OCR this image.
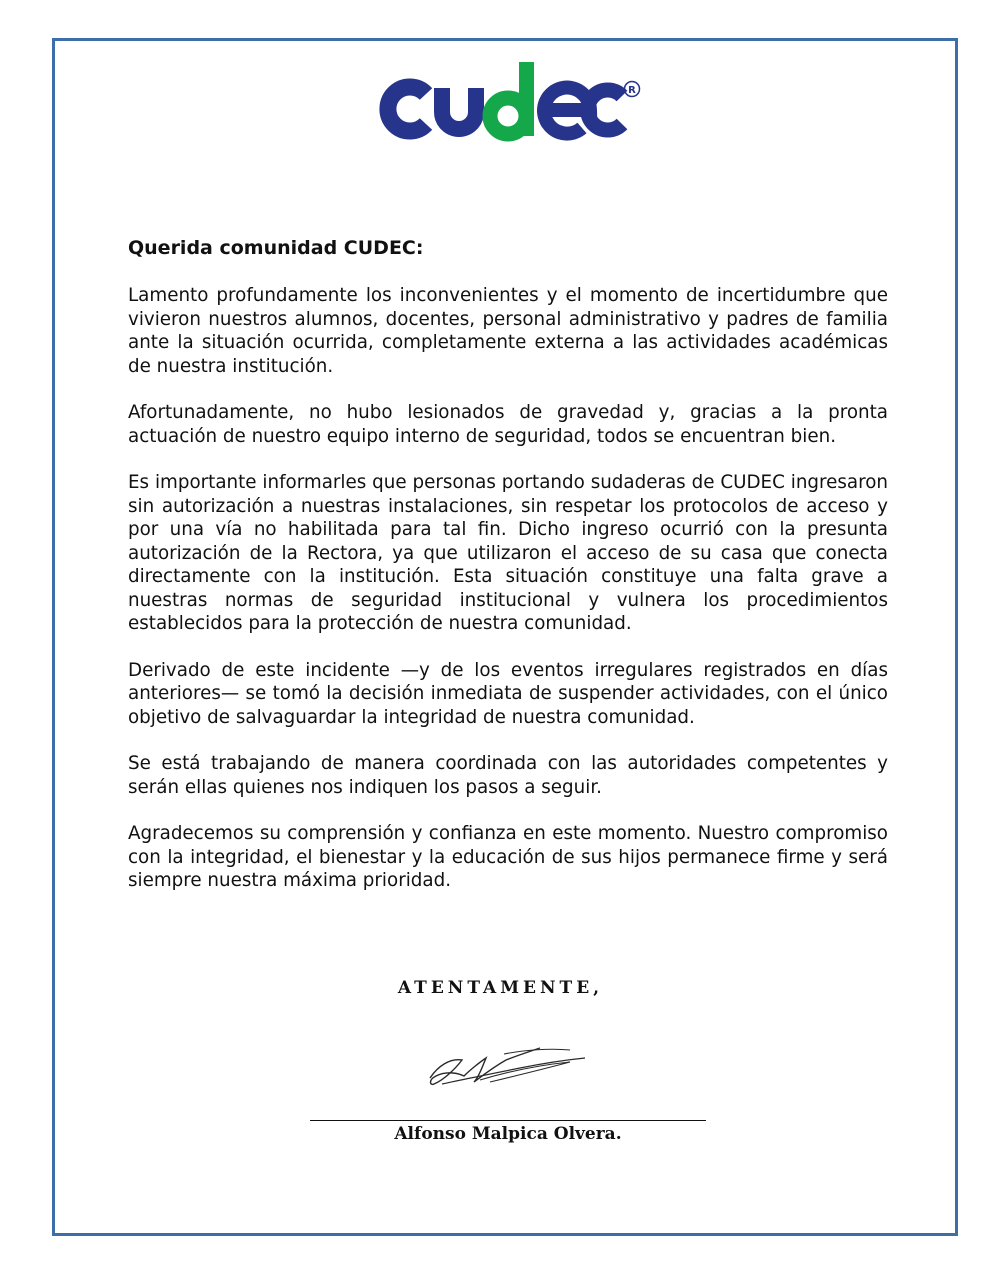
R

Querida comunidad CUDEC:

Lamento profundamente los inconvenientes y el momento de incertidumbre que vivieron nuestros alumnos, docentes, personal administrativo y padres de familia ante la situación ocurrida, completamente externa a las actividades académicas de nuestra institución.

Afortunadamente, no hubo lesionados de gravedad y, gracias a la pronta actuación de nuestro equipo interno de seguridad, todos se encuentran bien.

Es importante informarles que personas portando sudaderas de CUDEC ingresaron sin autorización a nuestras instalaciones, sin respetar los protocolos de acceso y por una vía no habilitada para tal fin. Dicho ingreso ocurrió con la presunta autorización de la Rectora, ya que utilizaron el acceso de su casa que conecta directamente con la institución. Esta situación constituye una falta grave a nuestras normas de seguridad institucional y vulnera los procedimientos establecidos para la protección de nuestra comunidad.

Derivado de este incidente —y de los eventos irregulares registrados en días anteriores— se tomó la decisión inmediata de suspender actividades, con el único objetivo de salvaguardar la integridad de nuestra comunidad.

Se está trabajando de manera coordinada con las autoridades competentes y serán ellas quienes nos indiquen los pasos a seguir.

Agradecemos su comprensión y confianza en este momento. Nuestro compromiso con la integridad, el bienestar y la educación de sus hijos permanece firme y será siempre nuestra máxima prioridad.

ATENTAMENTE,
Alfonso Malpica Olvera.
